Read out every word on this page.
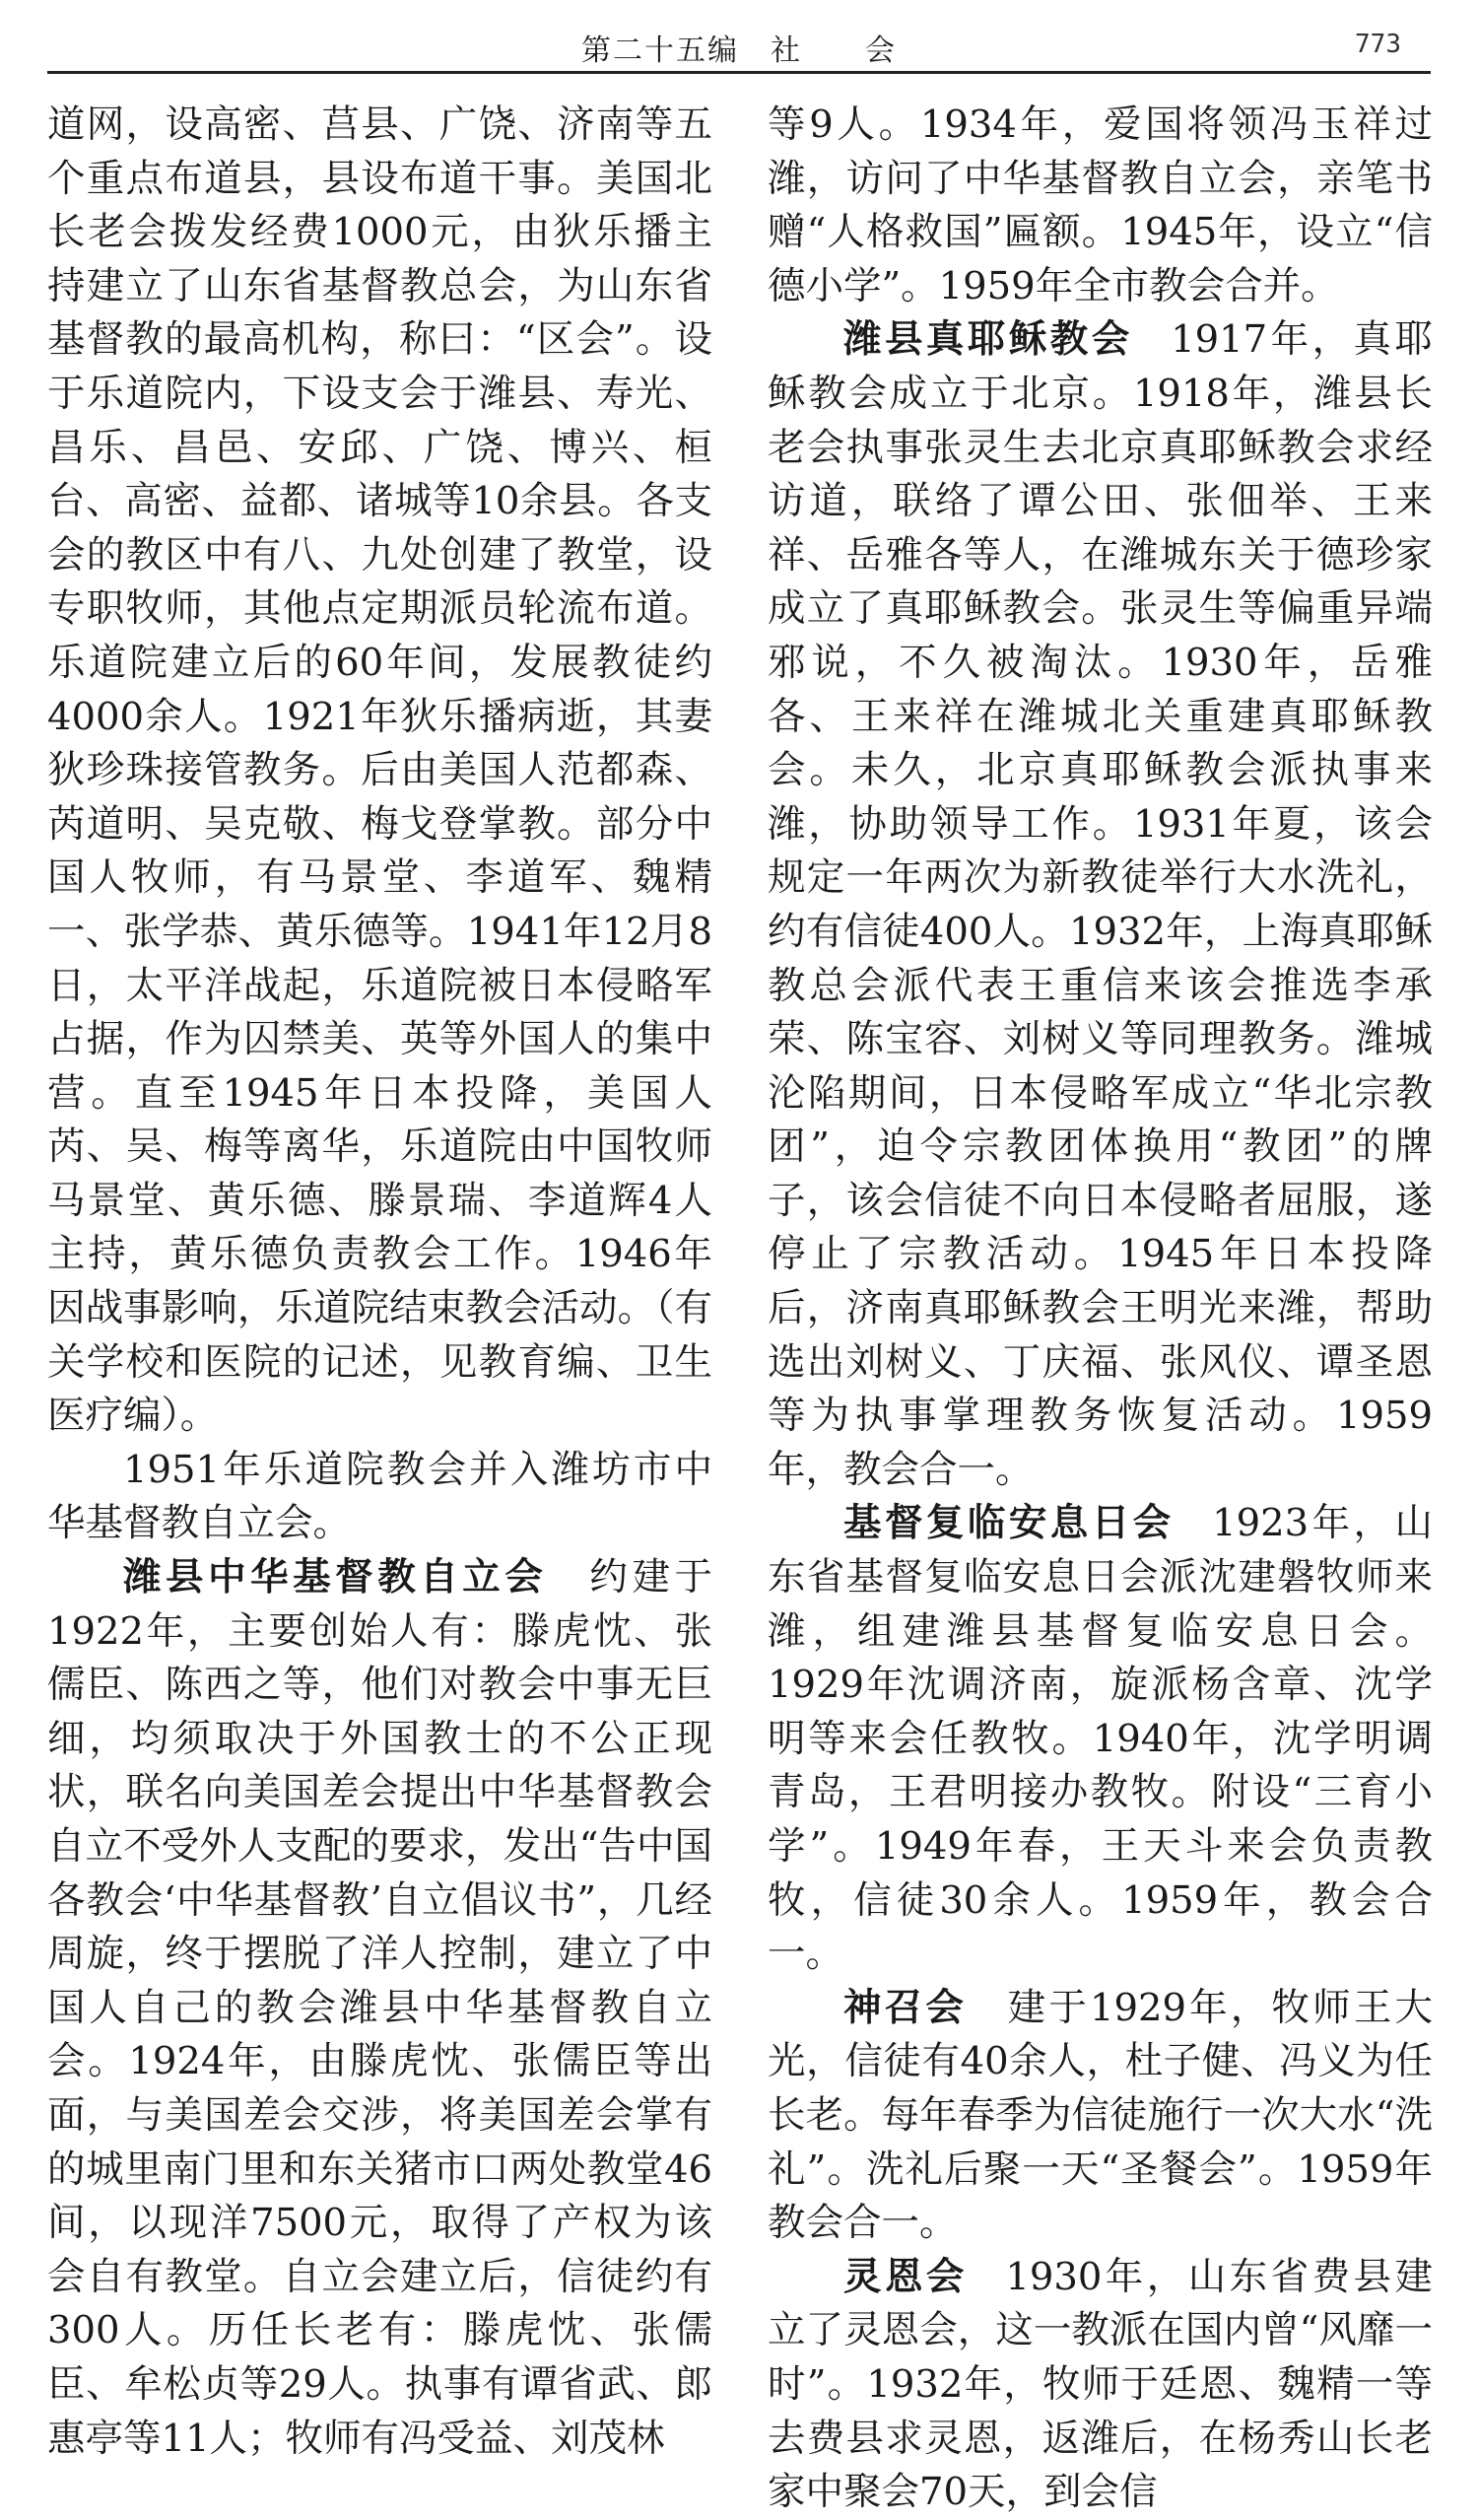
第二十五编　社　　会	773

道网，设高密、莒县、广饶、济南等五个重点布道县，县设布道干事。美国北长老会拨发经费1000元，由狄乐播主持建立了山东省基督教总会，为山东省基督教的最高机构，称曰：“区会”。设于乐道院内，下设支会于潍县、寿光、昌乐、昌邑、安邱、广饶、博兴、桓台、高密、益都、诸城等10余县。各支会的教区中有八、九处创建了教堂，设专职牧师，其他点定期派员轮流布道。乐道院建立后的60年间，发展教徒约4000余人。1921年狄乐播病逝，其妻狄珍珠接管教务。后由美国人范都森、芮道明、吴克敬、梅戈登掌教。部分中国人牧师，有马景堂、李道军、魏精一、张学恭、黄乐德等。1941年12月8日，太平洋战起，乐道院被日本侵略军占据，作为囚禁美、英等外国人的集中营。直至1945年日本投降，美国人芮、吴、梅等离华，乐道院由中国牧师马景堂、黄乐德、滕景瑞、李道辉4人主持，黄乐德负责教会工作。1946年因战事影响，乐道院结束教会活动。（有关学校和医院的记述，见教育编、卫生医疗编）。

1951年乐道院教会并入潍坊市中华基督教自立会。

潍县中华基督教自立会 约建于1922年，主要创始人有：滕虎忱、张儒臣、陈西之等，他们对教会中事无巨细，均须取决于外国教士的不公正现状，联名向美国差会提出中华基督教会自立不受外人支配的要求，发出“告中国各教会‘中华基督教’自立倡议书”，几经周旋，终于摆脱了洋人控制，建立了中国人自己的教会潍县中华基督教自立会。1924年，由滕虎忱、张儒臣等出面，与美国差会交涉，将美国差会掌有的城里南门里和东关猪市口两处教堂46间，以现洋7500元，取得了产权为该会自有教堂。自立会建立后，信徒约有300人。历任长老有：滕虎忱、张儒臣、牟松贞等29人。执事有谭省武、郎惠亭等11人；牧师有冯受益、刘茂林

等9人。1934年，爱国将领冯玉祥过潍，访问了中华基督教自立会，亲笔书赠“人格救国”匾额。1945年，设立“信德小学”。1959年全市教会合并。

潍县真耶稣教会 1917年，真耶稣教会成立于北京。1918年，潍县长老会执事张灵生去北京真耶稣教会求经访道，联络了谭公田、张佃举、王来祥、岳雅各等人，在潍城东关于德珍家成立了真耶稣教会。张灵生等偏重异端邪说，不久被淘汰。1930年，岳雅各、王来祥在潍城北关重建真耶稣教会。未久，北京真耶稣教会派执事来潍，协助领导工作。1931年夏，该会规定一年两次为新教徒举行大水洗礼，约有信徒400人。1932年，上海真耶稣教总会派代表王重信来该会推选李承荣、陈宝容、刘树义等同理教务。潍城沦陷期间，日本侵略军成立“华北宗教团”，迫令宗教团体换用“教团”的牌子，该会信徒不向日本侵略者屈服，遂停止了宗教活动。1945年日本投降后，济南真耶稣教会王明光来潍，帮助选出刘树义、丁庆福、张风仪、谭圣恩等为执事掌理教务恢复活动。1959年，教会合一。

基督复临安息日会 1923年，山东省基督复临安息日会派沈建磐牧师来潍，组建潍县基督复临安息日会。1929年沈调济南，旋派杨含章、沈学明等来会任教牧。1940年，沈学明调青岛，王君明接办教牧。附设“三育小学”。1949年春，王天斗来会负责教牧，信徒30余人。1959年，教会合一。

神召会 建于1929年，牧师王大光，信徒有40余人，杜子健、冯义为任长老。每年春季为信徒施行一次大水“洗礼”。洗礼后聚一天“圣餐会”。1959年教会合一。

灵恩会 1930年，山东省费县建立了灵恩会，这一教派在国内曾“风靡一时”。1932年，牧师于廷恩、魏精一等去费县求灵恩，返潍后，在杨秀山长老家中聚会70天，到会信
